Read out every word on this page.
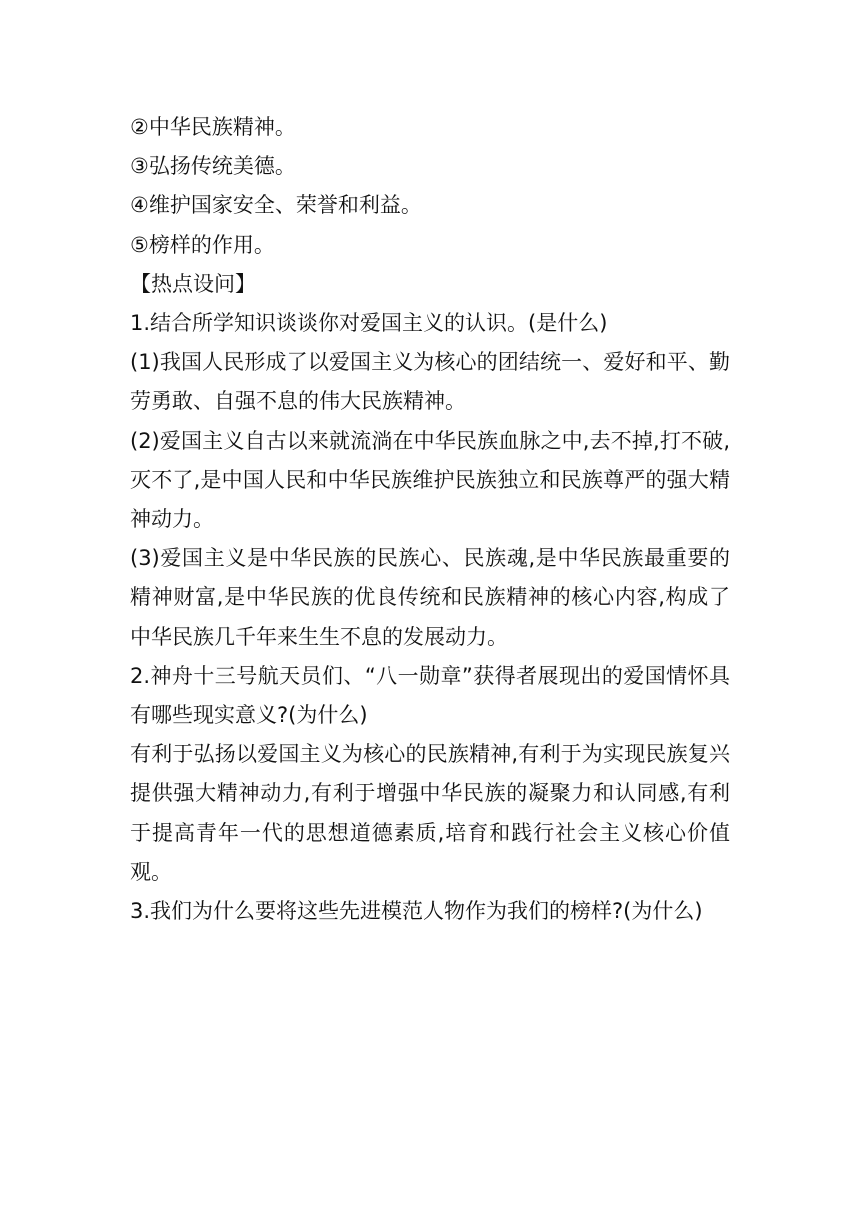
②中华民族精神。

③弘扬传统美德。

④维护国家安全、荣誉和利益。

⑤榜样的作用。

【热点设问】

1.结合所学知识谈谈你对爱国主义的认识。(是什么)

(1)我国人民形成了以爱国主义为核心的团结统一、爱好和平、勤劳勇敢、自强不息的伟大民族精神。

(2)爱国主义自古以来就流淌在中华民族血脉之中,去不掉,打不破,灭不了,是中国人民和中华民族维护民族独立和民族尊严的强大精神动力。

(3)爱国主义是中华民族的民族心、民族魂,是中华民族最重要的精神财富,是中华民族的优良传统和民族精神的核心内容,构成了中华民族几千年来生生不息的发展动力。

2.神舟十三号航天员们、“八一勋章”获得者展现出的爱国情怀具有哪些现实意义?(为什么)

有利于弘扬以爱国主义为核心的民族精神,有利于为实现民族复兴提供强大精神动力,有利于增强中华民族的凝聚力和认同感,有利于提高青年一代的思想道德素质,培育和践行社会主义核心价值观。

3.我们为什么要将这些先进模范人物作为我们的榜样?(为什么)
